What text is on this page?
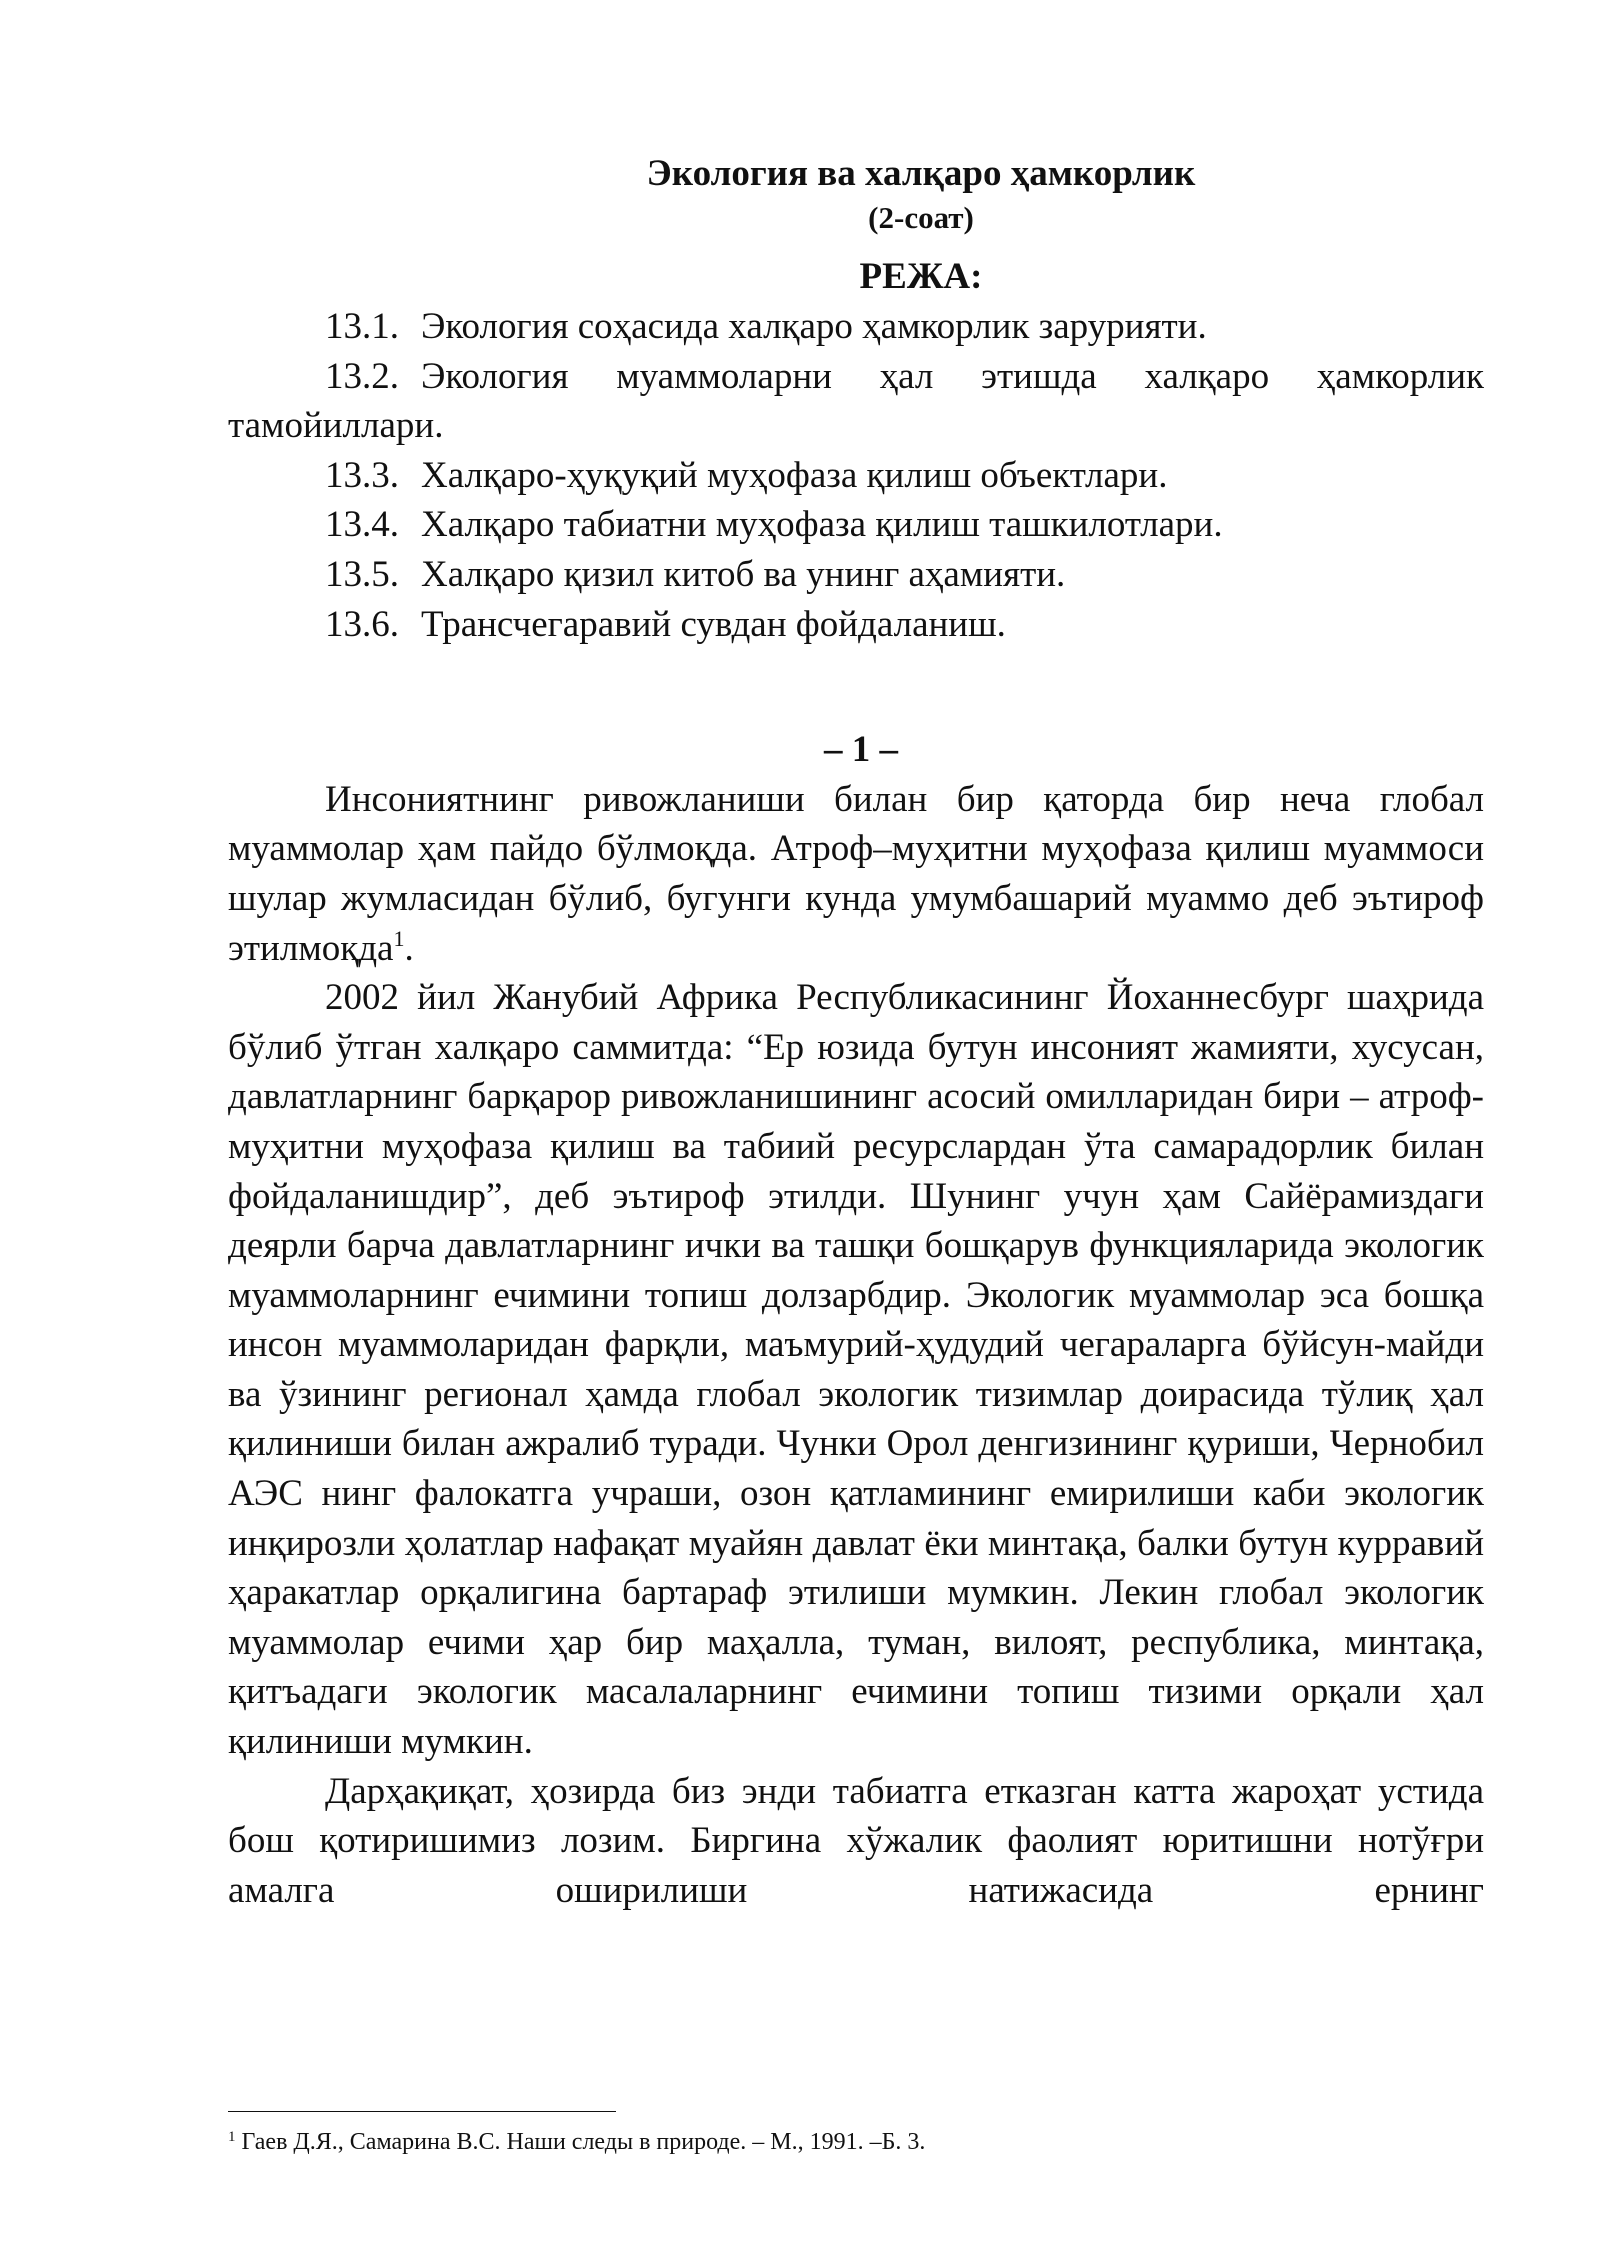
Экология ва халқаро ҳамкорлик
(2-соат)
РЕЖА:

13.1. Экология соҳасида халқаро ҳамкорлик зарурияти.

13.2. Экология муаммоларни ҳал этишда халқаро ҳамкорлик тамойиллари.

13.3. Халқаро-ҳуқуқий муҳофаза қилиш объектлари.

13.4. Халқаро табиатни муҳофаза қилиш ташкилотлари.

13.5. Халқаро қизил китоб ва унинг аҳамияти.

13.6. Трансчегаравий сувдан фойдаланиш.

– 1 –

Инсониятнинг ривожланиши билан бир қаторда бир неча глобал муаммолар ҳам пайдо бўлмоқда. Атроф–муҳитни муҳофаза қилиш муаммоси шулар жумласидан бўлиб, бугунги кунда умумбашарий муаммо деб эътироф этилмоқда$^1$.

2002 йил Жанубий Африка Республикасининг Йоханнесбург шаҳрида бўлиб ўтган халқаро саммитда: “Ер юзида бутун инсоният жамияти, хусусан, давлатларнинг барқарор ривожланишининг асосий омилларидан бири – атроф-муҳитни муҳофаза қилиш ва табиий ресурслардан ўта самарадорлик билан фойдаланишдир”, деб эътироф этилди. Шунинг учун ҳам Сайёрамиздаги деярли барча давлатларнинг ички ва ташқи бошқарув функцияларида экологик муаммоларнинг ечимини топиш долзарбдир. Экологик муаммолар эса бошқа инсон муаммоларидан фарқли, маъмурий-ҳудудий чегараларга бўйсун-майди ва ўзининг регионал ҳамда глобал экологик тизимлар доирасида тўлиқ ҳал қилиниши билан ажралиб туради. Чунки Орол денгизининг қуриши, Чернобил АЭС нинг фалокатга учраши, озон қатламининг емирилиши каби экологик инқирозли ҳолатлар нафақат муайян давлат ёки минтақа, балки бутун курравий ҳаракатлар орқалигина бартараф этилиши мумкин. Лекин глобал экологик муаммолар ечими ҳар бир маҳалла, туман, вилоят, республика, минтақа, қитъадаги экологик масалаларнинг ечимини топиш тизими орқали ҳал қилиниши мумкин.

Дарҳақиқат, ҳозирда биз энди табиатга етказган катта жароҳат устида бош қотиришимиз лозим. Биргина хўжалик фаолият юритишни нотўғри амалга оширилиши натижасида ернинг

$^1$ Гаев Д.Я., Самарина В.С. Наши следы в природе. – М., 1991. –Б. 3.
